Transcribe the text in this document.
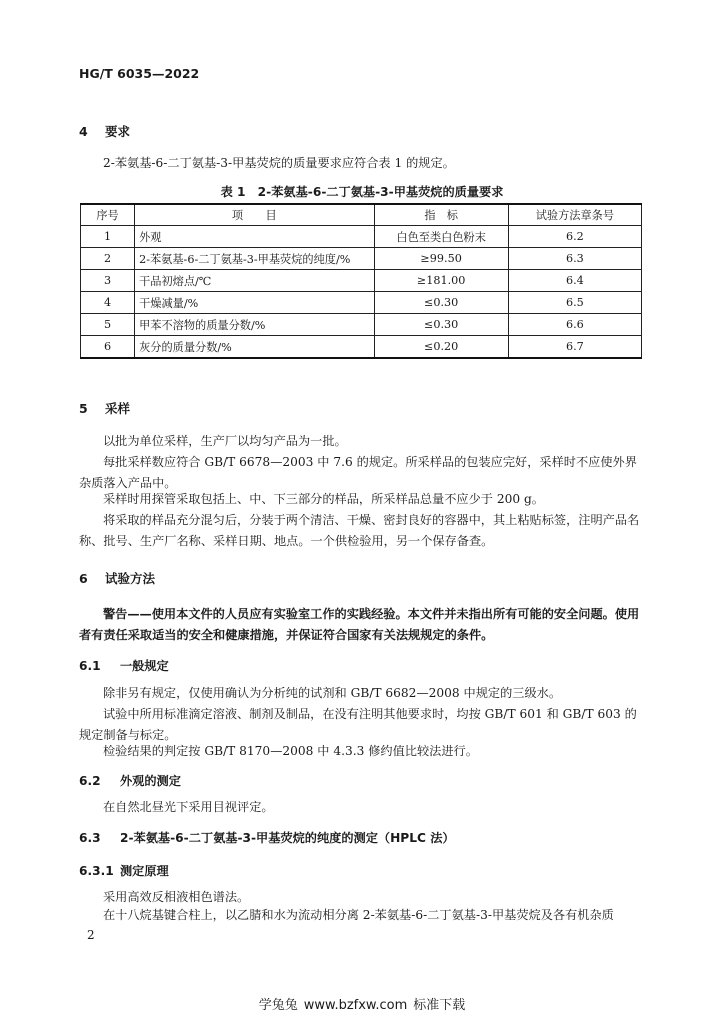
HG/T 6035—2022
4 要求
2-苯氨基-6-二丁氨基-3-甲基荧烷的质量要求应符合表 1 的规定。
表 1　2-苯氨基-6-二丁氨基-3-甲基荧烷的质量要求
序号	项　　目	指　标	试验方法章条号
1	外观	白色至类白色粉末	6.2
2	2-苯氨基-6-二丁氨基-3-甲基荧烷的纯度/%	≥99.50	6.3
3	干品初熔点/℃	≥181.00	6.4
4	干燥减量/%	≤0.30	6.5
5	甲苯不溶物的质量分数/%	≤0.30	6.6
6	灰分的质量分数/%	≤0.20	6.7
5 采样
以批为单位采样，生产厂以均匀产品为一批。
每批采样数应符合 GB/T 6678—2003 中 7.6 的规定。所采样品的包装应完好，采样时不应使外界杂质落入产品中。
采样时用探管采取包括上、中、下三部分的样品，所采样品总量不应少于 200 g。
将采取的样品充分混匀后，分装于两个清洁、干燥、密封良好的容器中，其上粘贴标签，注明产品名称、批号、生产厂名称、采样日期、地点。一个供检验用，另一个保存备查。
6 试验方法
警告——使用本文件的人员应有实验室工作的实践经验。本文件并未指出所有可能的安全问题。使用者有责任采取适当的安全和健康措施，并保证符合国家有关法规规定的条件。
6.1 一般规定
除非另有规定，仅使用确认为分析纯的试剂和 GB/T 6682—2008 中规定的三级水。
试验中所用标准滴定溶液、制剂及制品，在没有注明其他要求时，均按 GB/T 601 和 GB/T 603 的规定制备与标定。
检验结果的判定按 GB/T 8170—2008 中 4.3.3 修约值比较法进行。
6.2 外观的测定
在自然北昼光下采用目视评定。
6.3 2-苯氨基-6-二丁氨基-3-甲基荧烷的纯度的测定（HPLC 法）
6.3.1 测定原理
采用高效反相液相色谱法。
在十八烷基键合柱上，以乙腈和水为流动相分离 2-苯氨基-6-二丁氨基-3-甲基荧烷及各有机杂质
2
学兔兔 www.bzfxw.com 标准下载
